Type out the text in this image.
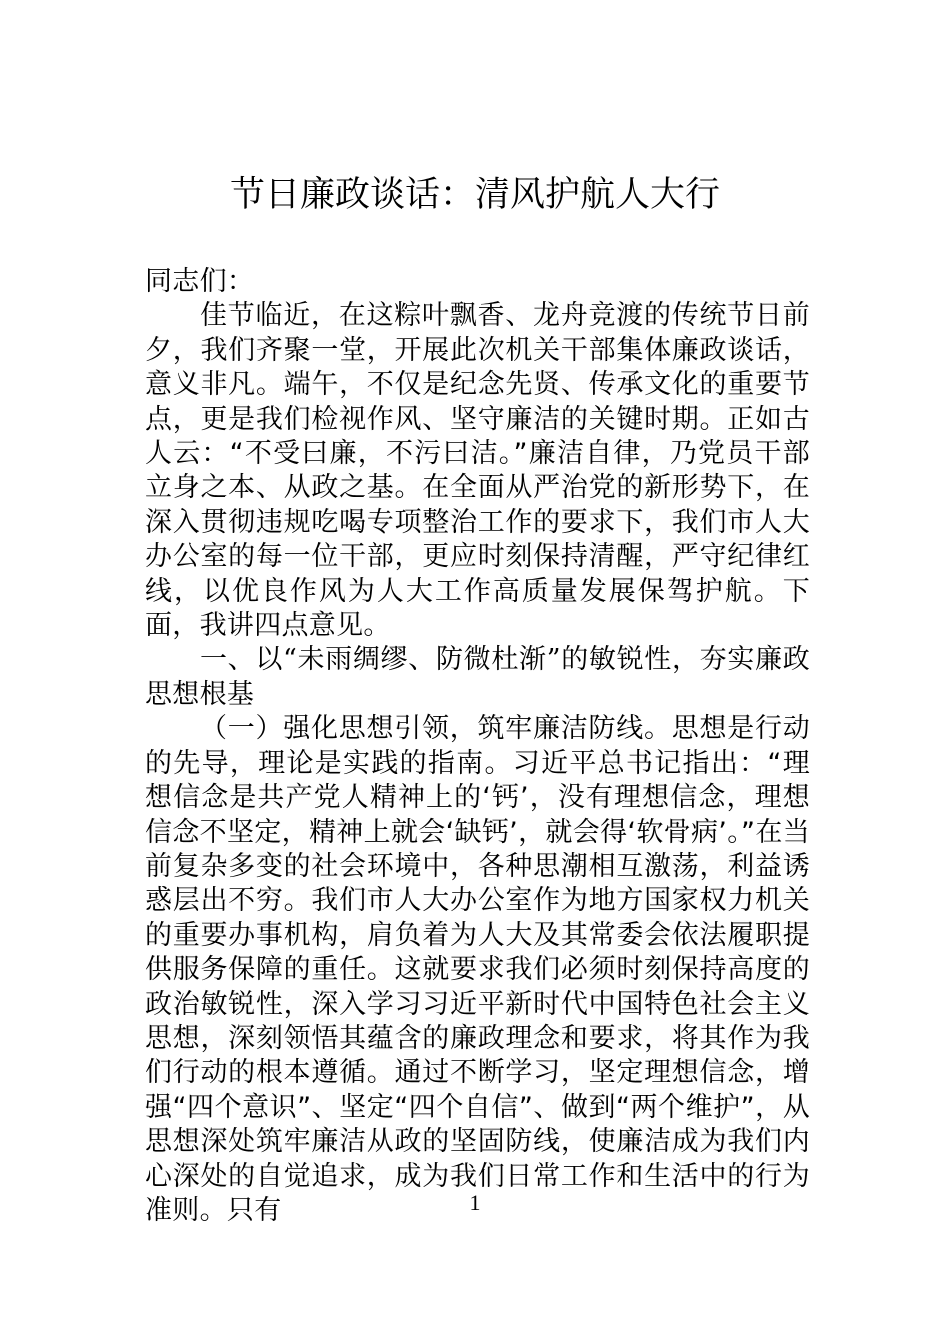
节日廉政谈话：清风护航人大行

同志们：

佳节临近，在这粽叶飘香、龙舟竞渡的传统节日前夕，我们齐聚一堂，开展此次机关干部集体廉政谈话，意义非凡。端午，不仅是纪念先贤、传承文化的重要节点，更是我们检视作风、坚守廉洁的关键时期。正如古人云：“不受曰廉，不污曰洁。”廉洁自律，乃党员干部立身之本、从政之基。在全面从严治党的新形势下，在深入贯彻违规吃喝专项整治工作的要求下，我们市人大办公室的每一位干部，更应时刻保持清醒，严守纪律红线，以优良作风为人大工作高质量发展保驾护航。下面，我讲四点意见。

一、以“未雨绸缪、防微杜渐”的敏锐性，夯实廉政思想根基

（一）强化思想引领，筑牢廉洁防线。思想是行动的先导，理论是实践的指南。习近平总书记指出：“理想信念是共产党人精神上的‘钙’，没有理想信念，理想信念不坚定，精神上就会‘缺钙’，就会得‘软骨病’。”在当前复杂多变的社会环境中，各种思潮相互激荡，利益诱惑层出不穷。我们市人大办公室作为地方国家权力机关的重要办事机构，肩负着为人大及其常委会依法履职提供服务保障的重任。这就要求我们必须时刻保持高度的政治敏锐性，深入学习习近平新时代中国特色社会主义思想，深刻领悟其蕴含的廉政理念和要求，将其作为我们行动的根本遵循。通过不断学习，坚定理想信念，增强“四个意识”、坚定“四个自信”、做到“两个维护”，从思想深处筑牢廉洁从政的坚固防线，使廉洁成为我们内心深处的自觉追求，成为我们日常工作和生活中的行为准则。只有	1
